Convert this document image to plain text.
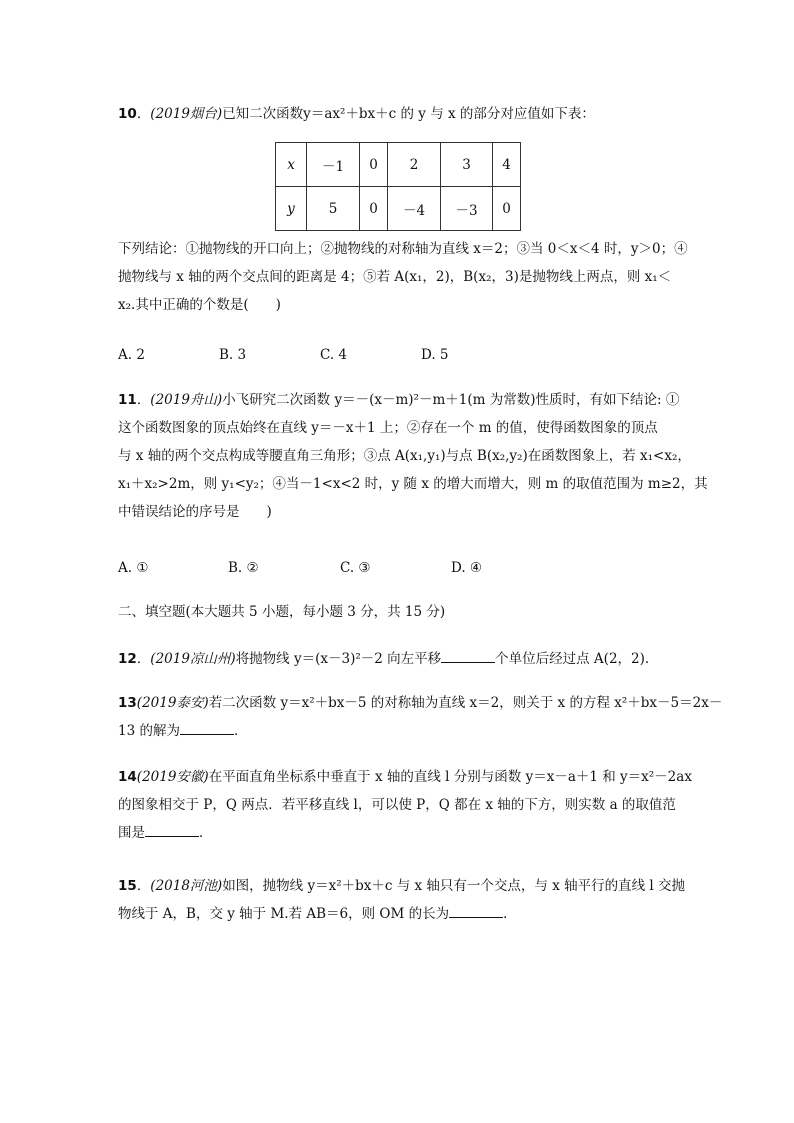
10．(2019烟台)已知二次函数y＝ax²＋bx＋c 的 y 与 x 的部分对应值如下表：
x	－1	0	2	3	4
y	5	0	－4	－3	0
下列结论：①抛物线的开口向上；②抛物线的对称轴为直线 x＝2；③当 0＜x＜4 时，y＞0；④
抛物线与 x 轴的两个交点间的距离是 4；⑤若 A(x₁，2)，B(x₂，3)是抛物线上两点，则 x₁＜
x₂.其中正确的个数是(　　)
A. 2	B. 3	C. 4	D. 5
11．(2019舟山)小飞研究二次函数 y＝－(x－m)²－m＋1(m 为常数)性质时，有如下结论: ①
这个函数图象的顶点始终在直线 y＝－x＋1 上；②存在一个 m 的值，使得函数图象的顶点
与 x 轴的两个交点构成等腰直角三角形；③点 A(x₁,y₁)与点 B(x₂,y₂)在函数图象上，若 x₁<x₂，
x₁＋x₂>2m，则 y₁<y₂；④当－1<x<2 时，y 随 x 的增大而增大，则 m 的取值范围为 m≥2，其
中错误结论的序号是　　)
A. ①	B. ②	C. ③	D. ④
二、填空题(本大题共 5 小题，每小题 3 分，共 15 分)
12．(2019凉山州)将抛物线 y＝(x－3)²－2 向左平移	个单位后经过点 A(2，2).
13(2019泰安)若二次函数 y＝x²＋bx－5 的对称轴为直线 x＝2，则关于 x 的方程 x²＋bx－5＝2x－
13 的解为	．
14(2019安徽)在平面直角坐标系中垂直于 x 轴的直线 l 分别与函数 y＝x－a＋1 和 y＝x²－2ax
的图象相交于 P，Q 两点．若平移直线 l，可以使 P，Q 都在 x 轴的下方，则实数 a 的取值范
围是	．
15．(2018河池)如图，抛物线 y＝x²＋bx＋c 与 x 轴只有一个交点，与 x 轴平行的直线 l 交抛
物线于 A，B，交 y 轴于 M.若 AB＝6，则 OM 的长为	．
